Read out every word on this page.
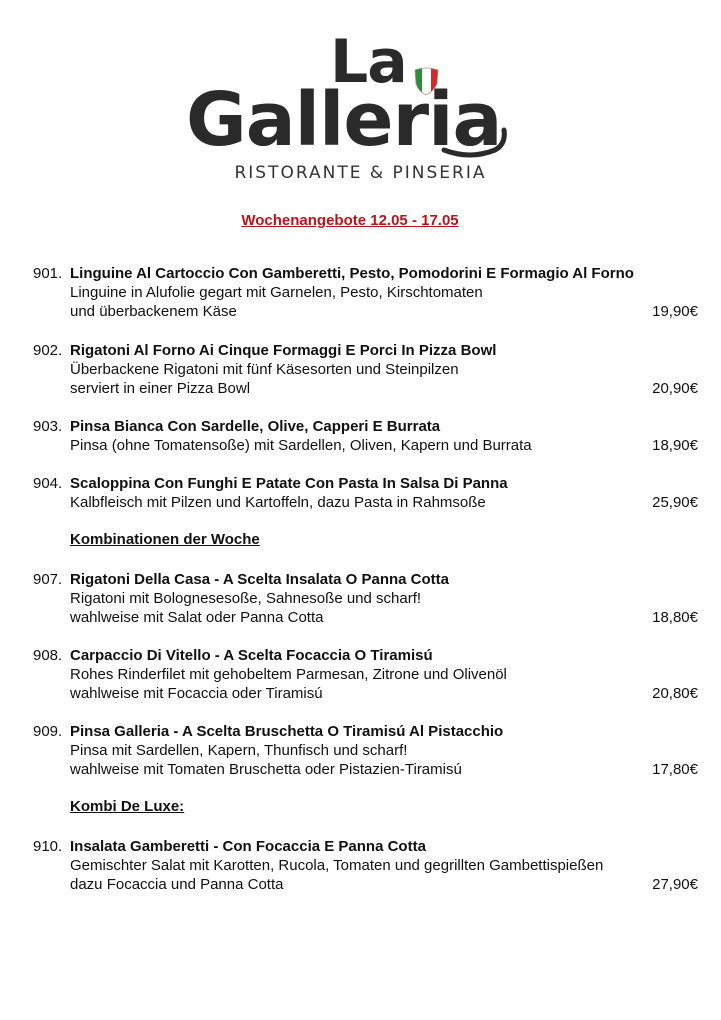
La
Galleria
RISTORANTE & PINSERIA
Wochenangebote 12.05 - 17.05
901. Linguine Al Cartoccio Con Gamberetti, Pesto, Pomodorini E Formagio Al Forno
Linguine in Alufolie gegart mit Garnelen, Pesto, Kirschtomaten
und überbackenem Käse	19,90€
902. Rigatoni Al Forno Ai Cinque Formaggi E Porci In Pizza Bowl
Überbackene Rigatoni mit fünf Käsesorten und Steinpilzen
serviert in einer Pizza Bowl	20,90€
903. Pinsa Bianca Con Sardelle, Olive, Capperi E Burrata
Pinsa (ohne Tomatensoße) mit Sardellen, Oliven, Kapern und Burrata	18,90€
904. Scaloppina Con Funghi E Patate Con Pasta In Salsa Di Panna
Kalbfleisch mit Pilzen und Kartoffeln, dazu Pasta in Rahmsoße	25,90€
Kombinationen der Woche
907. Rigatoni Della Casa - A Scelta Insalata O Panna Cotta
Rigatoni mit Bolognesesoße, Sahnesoße und scharf!
wahlweise mit Salat oder Panna Cotta	18,80€
908. Carpaccio Di Vitello - A Scelta Focaccia O Tiramisú
Rohes Rinderfilet mit gehobeltem Parmesan, Zitrone und Olivenöl
wahlweise mit Focaccia oder Tiramisú	20,80€
909. Pinsa Galleria - A Scelta Bruschetta O Tiramisú Al Pistacchio
Pinsa mit Sardellen, Kapern, Thunfisch und scharf!
wahlweise mit Tomaten Bruschetta oder Pistazien-Tiramisú	17,80€
Kombi De Luxe:
910. Insalata Gamberetti - Con Focaccia E Panna Cotta
Gemischter Salat mit Karotten, Rucola, Tomaten und gegrillten Gambettispießen
dazu Focaccia und Panna Cotta	27,90€
